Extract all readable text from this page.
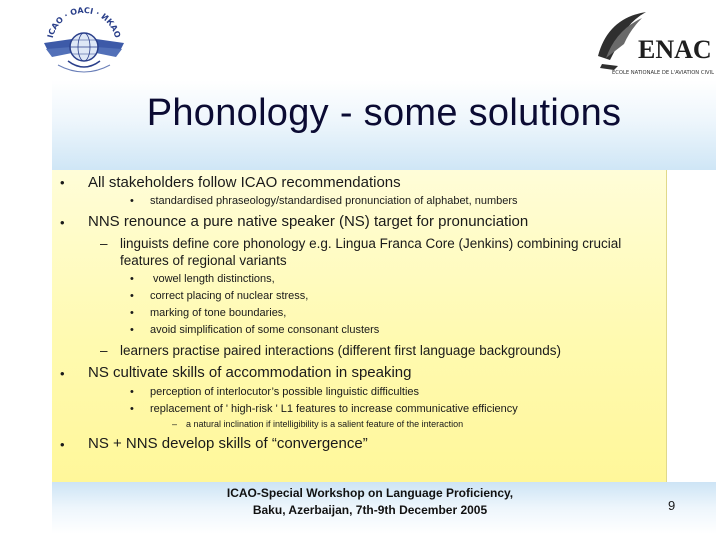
ICAO · OACI · ИКАО
ENAC
ÉCOLE NATIONALE DE L'AVIATION CIVILE
Phonology - some solutions
• All stakeholders follow ICAO recommendations
• standardised phraseology/standardised pronunciation of alphabet, numbers
• NNS renounce a pure native speaker (NS) target for pronunciation
– linguists define core phonology e.g. Lingua Franca Core (Jenkins) combining crucial
features of regional variants
• vowel length distinctions,
• correct placing of nuclear stress,
• marking of tone boundaries,
• avoid simplification of some consonant clusters
– learners practise paired interactions (different first language backgrounds)
• NS cultivate skills of accommodation in speaking
• perception of interlocutor’s possible linguistic difficulties
• replacement of ' high-risk ' L1 features to increase communicative efficiency
– a natural inclination if intelligibility is a salient feature of the interaction
• NS + NNS develop skills of “convergence”
ICAO-Special Workshop on Language Proficiency,
Baku, Azerbaijan, 7th-9th December 2005	9
